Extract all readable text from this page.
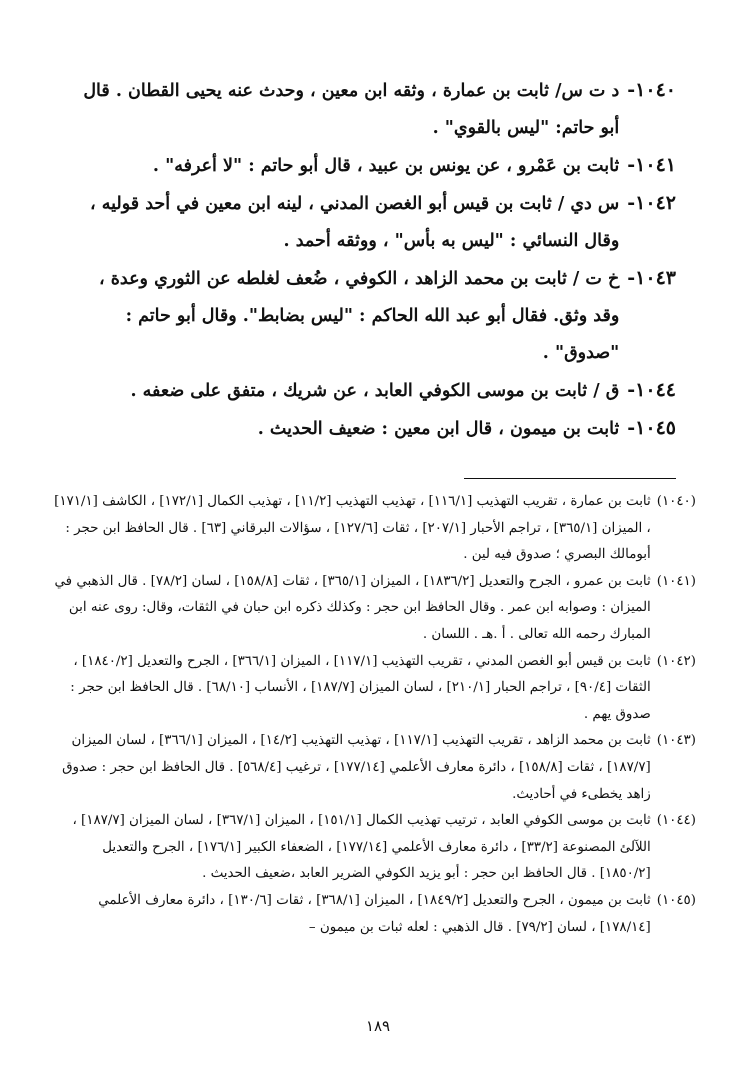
١٠٤٠-
د ت س/ ثابت بن عمارة ، وثقه ابن معين ، وحدث عنه يحيى القطان . قال أبو حاتم: "ليس بالقوي" .
١٠٤١-
ثابت بن عَمْرو ، عن يونس بن عبيد ، قال أبو حاتم : "لا أعرفه" .
١٠٤٢-
س دي / ثابت بن قيس أبو الغصن المدني ، لينه ابن معين في أحد قوليه ، وقال النسائي : "ليس به بأس" ، ووثقه أحمد .
١٠٤٣-
خ ت / ثابت بن محمد الزاهد ، الكوفي ، ضُعف لغلطه عن الثوري وعدة ، وقد وثق. فقال أبو عبد الله الحاكم : "ليس بضابط". وقال أبو حاتم : "صدوق" .
١٠٤٤-
ق / ثابت بن موسى الكوفي العابد ، عن شريك ، متفق على ضعفه .
١٠٤٥-
ثابت بن ميمون ، قال ابن معين : ضعيف الحديث .
(١٠٤٠)
ثابت بن عمارة ، تقريب التهذيب [١١٦/١] ، تهذيب التهذيب [١١/٢] ، تهذيب الكمال [١٧٢/١] ، الكاشف [١٧١/١] ، الميزان [٣٦٥/١] ، تراجم الأحبار [٢٠٧/١] ، ثقات [١٢٧/٦] ، سؤالات البرقاني [٦٣] . قال الحافظ ابن حجر : أبومالك البصري ؛ صدوق فيه لين .
(١٠٤١)
ثابت بن عمرو ، الجرح والتعديل [١٨٣٦/٢] ، الميزان [٣٦٥/١] ، ثقات [١٥٨/٨] ، لسان [٧٨/٢] . قال الذهبي في الميزان : وصوابه ابن عمر . وقال الحافظ ابن حجر : وكذلك ذكره ابن حبان في الثقات، وقال: روى عنه ابن المبارك رحمه الله تعالى . أ .هـ . اللسان .
(١٠٤٢)
ثابت بن قيس أبو الغصن المدني ، تقريب التهذيب [١١٧/١] ، الميزان [٣٦٦/١] ، الجرح والتعديل [١٨٤٠/٢] ، الثقات [٩٠/٤] ، تراجم الحبار [٢١٠/١] ، لسان الميزان [١٨٧/٧] ، الأنساب [٦٨/١٠] . قال الحافظ ابن حجر : صدوق يهم .
(١٠٤٣)
ثابت بن محمد الزاهد ، تقريب التهذيب [١١٧/١] ، تهذيب التهذيب [١٤/٢] ، الميزان [٣٦٦/١] ، لسان الميزان [١٨٧/٧] ، ثقات [١٥٨/٨] ، دائرة معارف الأعلمي [١٧٧/١٤] ، ترغيب [٥٦٨/٤] . قال الحافظ ابن حجر : صدوق زاهد يخطىء في أحاديث.
(١٠٤٤)
ثابت بن موسى الكوفي العابد ، ترتيب تهذيب الكمال [١٥١/١] ، الميزان [٣٦٧/١] ، لسان الميزان [١٨٧/٧] ، اللآلئ المصنوعة [٣٣/٢] ، دائرة معارف الأعلمي [١٧٧/١٤] ، الضعفاء الكبير [١٧٦/١] ، الجرح والتعديل [١٨٥٠/٢] . قال الحافظ ابن حجر : أبو يزيد الكوفي الضرير العابد ،ضعيف الحديث .
(١٠٤٥)
ثابت بن ميمون ، الجرح والتعديل [١٨٤٩/٢] ، الميزان [٣٦٨/١] ، ثقات [١٣٠/٦] ، دائرة معارف الأعلمي [١٧٨/١٤] ، لسان [٧٩/٢] . قال الذهبي : لعله ثبات بن ميمون –
١٨٩
